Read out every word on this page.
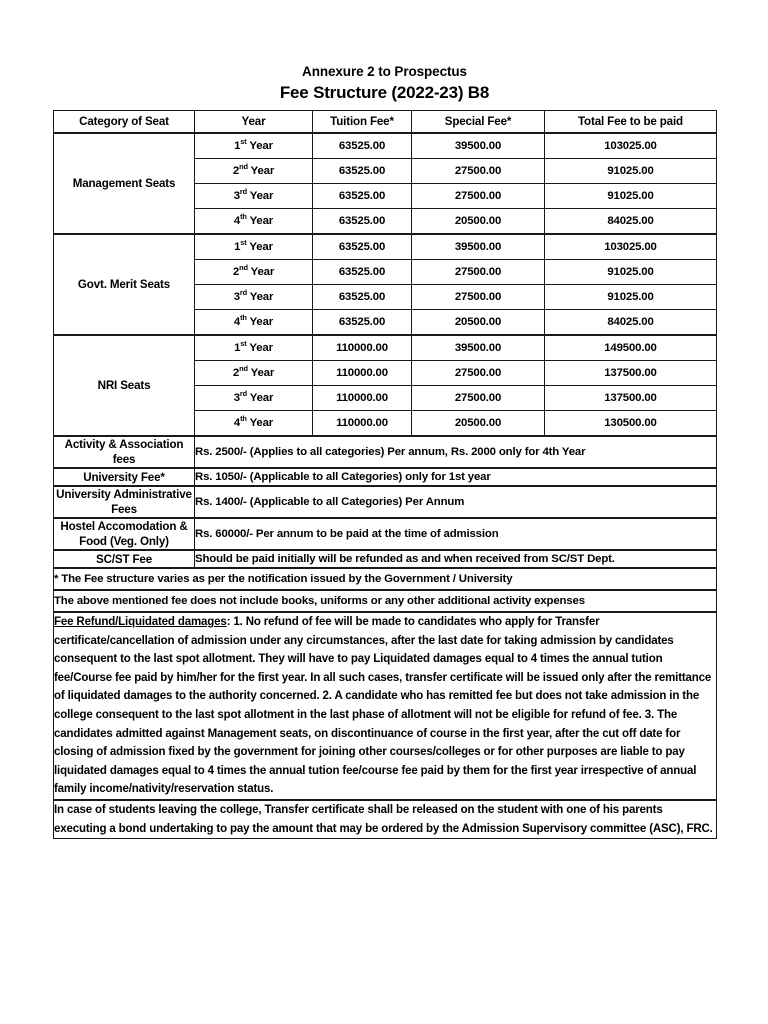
Annexure 2 to Prospectus
Fee Structure (2022-23) B8
Category of Seat	Year	Tuition Fee*	Special Fee*	Total Fee to be paid
Management Seats	1st Year	63525.00	39500.00	103025.00
	2nd Year	63525.00	27500.00	91025.00
	3rd Year	63525.00	27500.00	91025.00
	4th Year	63525.00	20500.00	84025.00
Govt. Merit Seats	1st Year	63525.00	39500.00	103025.00
	2nd Year	63525.00	27500.00	91025.00
	3rd Year	63525.00	27500.00	91025.00
	4th Year	63525.00	20500.00	84025.00
NRI Seats	1st Year	110000.00	39500.00	149500.00
	2nd Year	110000.00	27500.00	137500.00
	3rd Year	110000.00	27500.00	137500.00
	4th Year	110000.00	20500.00	130500.00
Activity & Association fees	Rs. 2500/- (Applies to all categories) Per annum, Rs. 2000 only for 4th Year			
University Fee*	Rs. 1050/- (Applicable to all Categories) only for 1st year			
University Administrative Fees	Rs. 1400/- (Applicable to all Categories) Per Annum			
Hostel Accomodation & Food (Veg. Only)	Rs. 60000/- Per annum to be paid at the time of admission			
SC/ST Fee	Should be paid initially will be refunded as and when received from SC/ST Dept.			
* The Fee structure varies as per the notification issued by the Government / University				
The above mentioned fee does not include books, uniforms or any other additional activity expenses				
Fee Refund/Liquidated damages: 1. No refund of fee will be made to candidates who apply for Transfer certificate/cancellation of admission under any circumstances, after the last date for taking admission by candidates consequent to the last spot allotment. They will have to pay Liquidated damages equal to 4 times the annual tution fee/Course fee paid by him/her for the first year. In all such cases, transfer certificate will be issued only after the remittance of liquidated damages to the authority concerned. 2. A candidate who has remitted fee but does not take admission in the college consequent to the last spot allotment in the last phase of allotment will not be eligible for refund of fee. 3. The candidates admitted against Management seats, on discontinuance of course in the first year, after the cut off date for closing of admission fixed by the government for joining other courses/colleges or for other purposes are liable to pay liquidated damages equal to 4 times the annual tution fee/course fee paid by them for the first year irrespective of annual family income/nativity/reservation status.				
In case of students leaving the college, Transfer certificate shall be released on the student with one of his parents executing a bond undertaking to pay the amount that may be ordered by the Admission Supervisory committee (ASC), FRC.				
